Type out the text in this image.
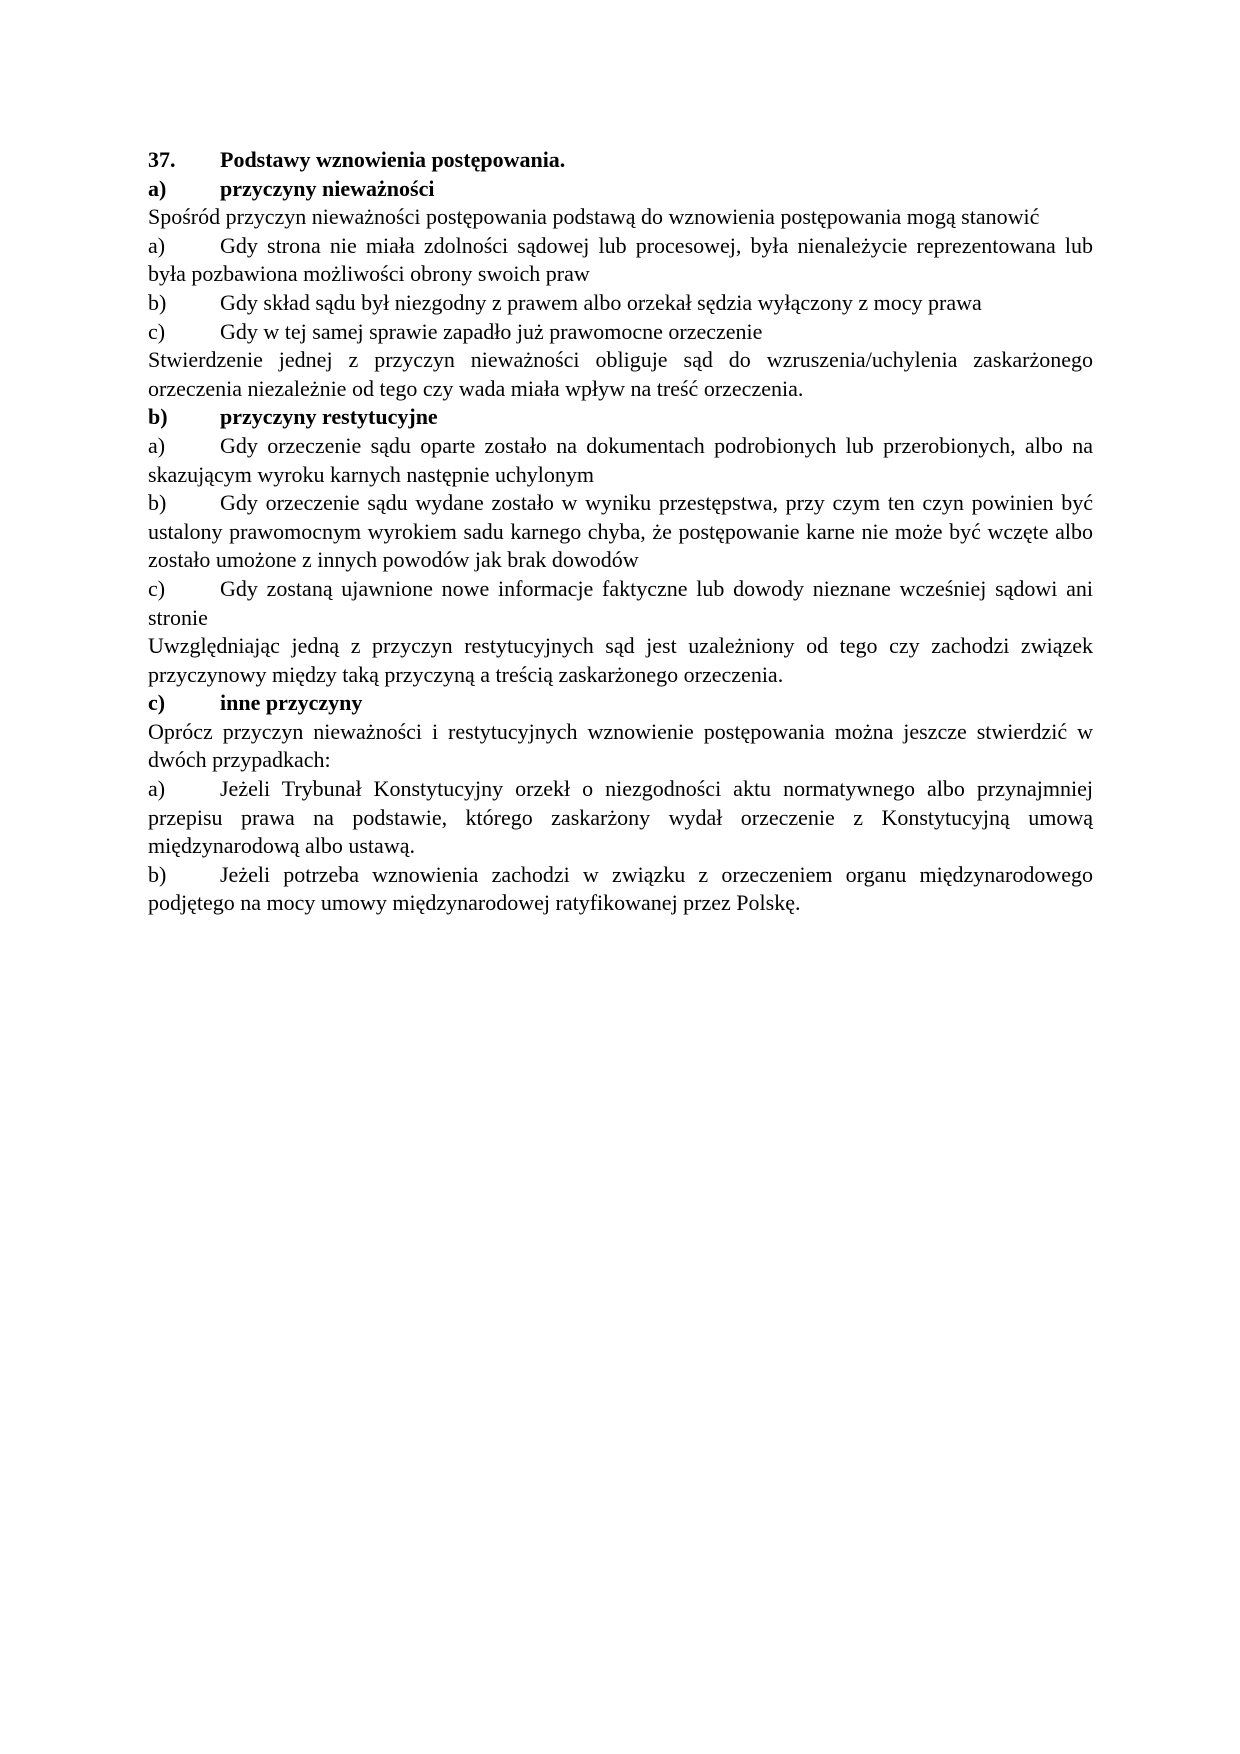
37.	Podstawy wznowienia postępowania.
a)	przyczyny nieważności

Spośród przyczyn nieważności postępowania podstawą do wznowienia postępowania mogą stanowić

a) Gdy strona nie miała zdolności sądowej lub procesowej, była nienależycie reprezentowana lub była pozbawiona możliwości obrony swoich praw
b) Gdy skład sądu był niezgodny z prawem albo orzekał sędzia wyłączony z mocy prawa
c) Gdy w tej samej sprawie zapadło już prawomocne orzeczenie

Stwierdzenie jednej z przyczyn nieważności obliguje sąd do wzruszenia/uchylenia zaskarżonego orzeczenia niezależnie od tego czy wada miała wpływ na treść orzeczenia.

b)	przyczyny restytucyjne
a) Gdy orzeczenie sądu oparte zostało na dokumentach podrobionych lub przerobionych, albo na skazującym wyroku karnych następnie uchylonym
b) Gdy orzeczenie sądu wydane zostało w wyniku przestępstwa, przy czym ten czyn powinien być ustalony prawomocnym wyrokiem sadu karnego chyba, że postępowanie karne nie może być wczęte albo zostało umożone z innych powodów jak brak dowodów
c) Gdy zostaną ujawnione nowe informacje faktyczne lub dowody nieznane wcześniej sądowi ani stronie

Uwzględniając jedną z przyczyn restytucyjnych sąd jest uzależniony od tego czy zachodzi związek przyczynowy między taką przyczyną a treścią zaskarżonego orzeczenia.

c)	inne przyczyny

Oprócz przyczyn nieważności i restytucyjnych wznowienie postępowania można jeszcze stwierdzić w dwóch przypadkach:

a) Jeżeli Trybunał Konstytucyjny orzekł o niezgodności aktu normatywnego albo przynajmniej przepisu prawa na podstawie, którego zaskarżony wydał orzeczenie z Konstytucyjną umową międzynarodową albo ustawą.
b) Jeżeli potrzeba wznowienia zachodzi w związku z orzeczeniem organu międzynarodowego podjętego na mocy umowy międzynarodowej ratyfikowanej przez Polskę.
